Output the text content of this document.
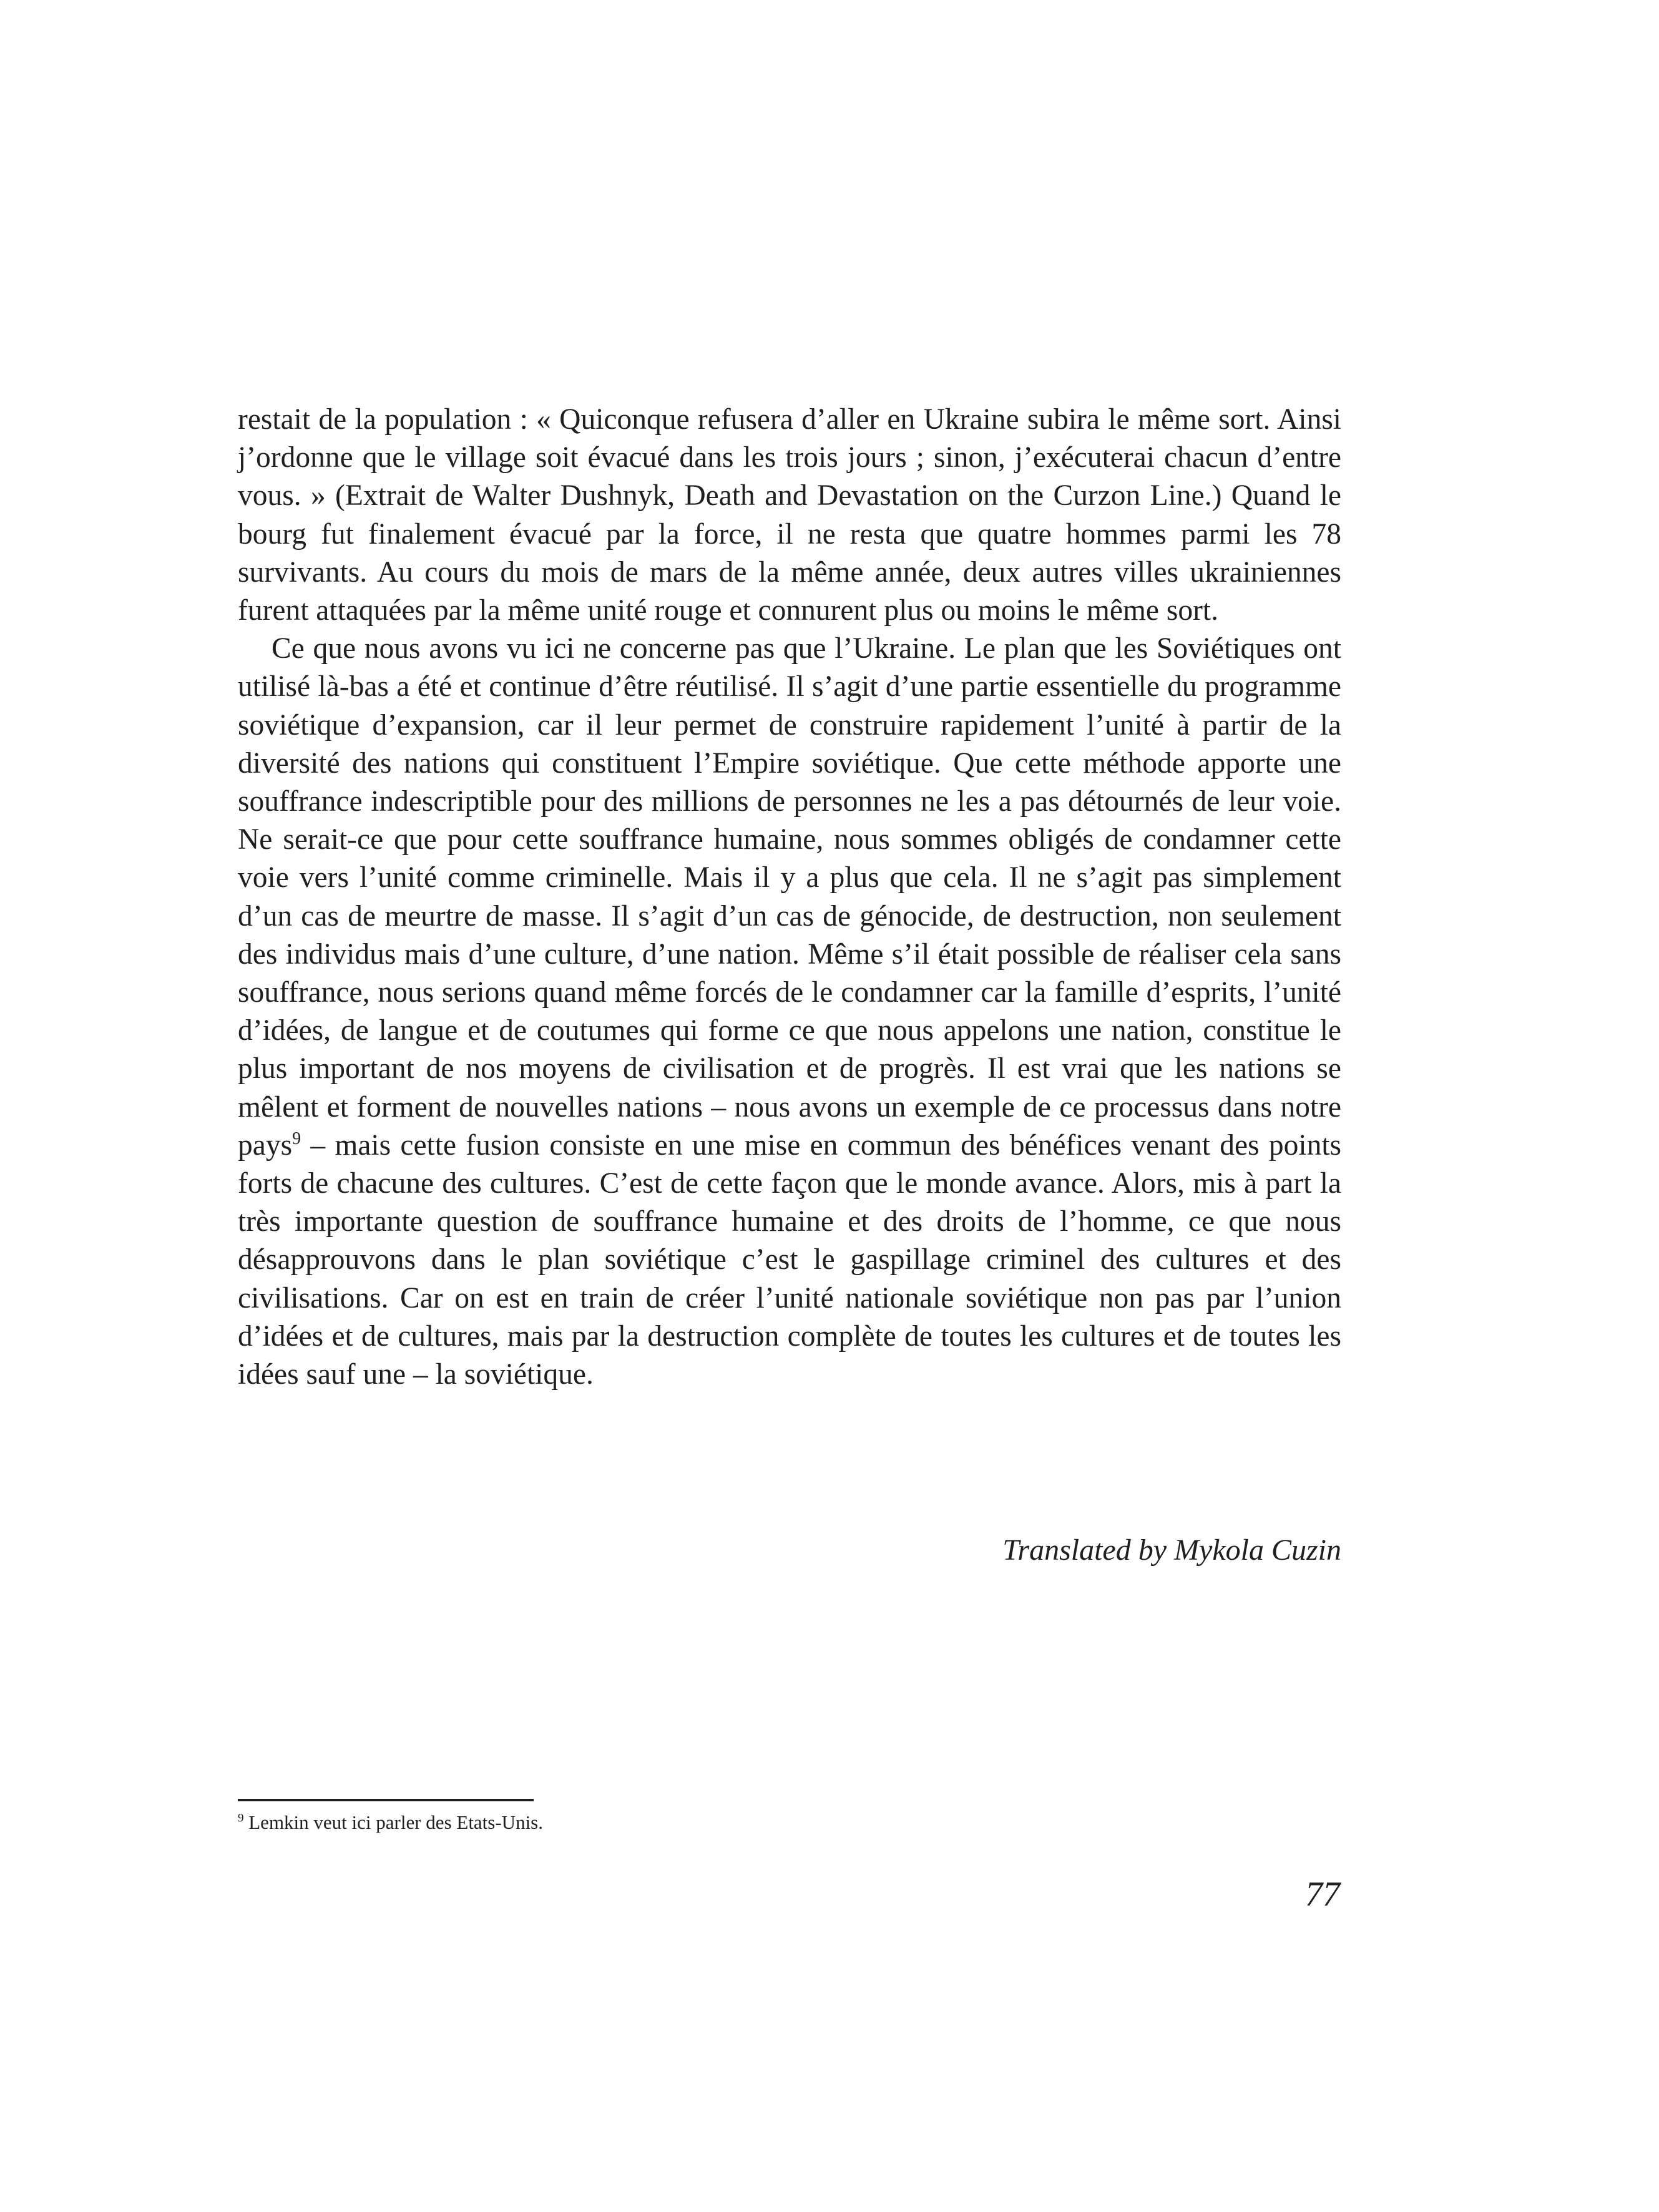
restait de la population : « Quiconque refusera d’aller en Ukraine subira le même sort. Ainsi j’ordonne que le village soit évacué dans les trois jours ; sinon, j’exécuterai chacun d’entre vous. » (Extrait de Walter Dushnyk, Death and Devastation on the Curzon Line.) Quand le bourg fut finalement évacué par la force, il ne resta que quatre hommes parmi les 78 survivants. Au cours du mois de mars de la même année, deux autres villes ukrainiennes furent attaquées par la même unité rouge et connurent plus ou moins le même sort.

Ce que nous avons vu ici ne concerne pas que l’Ukraine. Le plan que les Soviétiques ont utilisé là-bas a été et continue d’être réutilisé. Il s’agit d’une partie essentielle du programme soviétique d’expansion, car il leur permet de construire rapidement l’unité à partir de la diversité des nations qui constituent l’Empire soviétique. Que cette méthode apporte une souffrance indescriptible pour des millions de personnes ne les a pas détournés de leur voie. Ne serait-ce que pour cette souffrance humaine, nous sommes obligés de condamner cette voie vers l’unité comme criminelle. Mais il y a plus que cela. Il ne s’agit pas simplement d’un cas de meurtre de masse. Il s’agit d’un cas de génocide, de destruction, non seulement des individus mais d’une culture, d’une nation. Même s’il était possible de réaliser cela sans souffrance, nous serions quand même forcés de le condamner car la famille d’esprits, l’unité d’idées, de langue et de coutumes qui forme ce que nous appelons une nation, constitue le plus important de nos moyens de civilisation et de progrès. Il est vrai que les nations se mêlent et forment de nouvelles nations – nous avons un exemple de ce processus dans notre pays$^9$ – mais cette fusion consiste en une mise en commun des bénéfices venant des points forts de chacune des cultures. C’est de cette façon que le monde avance. Alors, mis à part la très importante question de souffrance humaine et des droits de l’homme, ce que nous désapprouvons dans le plan soviétique c’est le gaspillage criminel des cultures et des civilisations. Car on est en train de créer l’unité nationale soviétique non pas par l’union d’idées et de cultures, mais par la destruction complète de toutes les cultures et de toutes les idées sauf une – la soviétique.

Translated by Mykola Cuzin
$^9$ Lemkin veut ici parler des Etats-Unis.
77
